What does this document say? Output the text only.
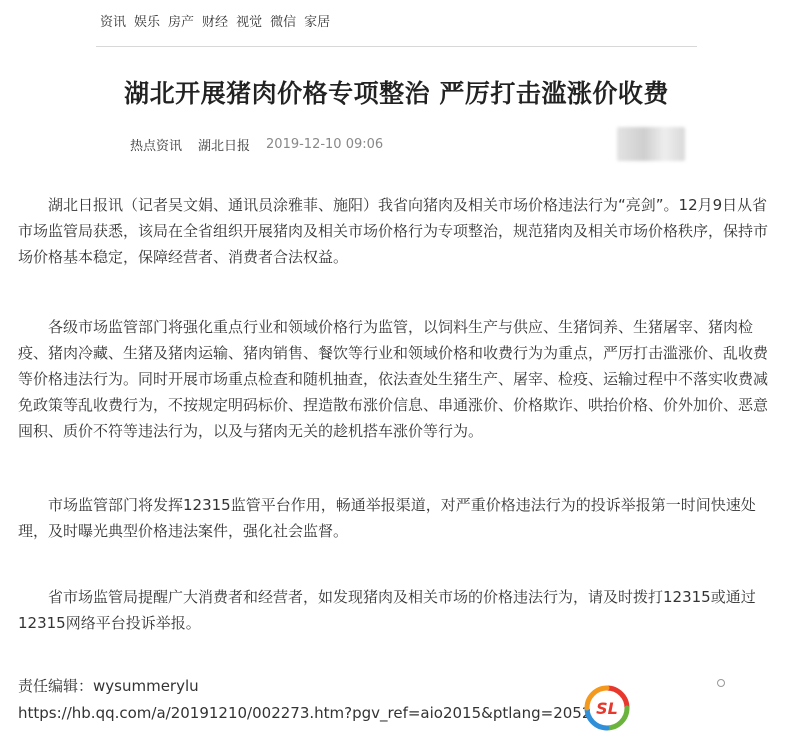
资讯 娱乐 房产 财经 视觉 微信 家居
湖北开展猪肉价格专项整治 严厉打击滥涨价收费
热点资讯 湖北日报 2019-12-10 09:06

湖北日报讯（记者吴文娟、通讯员涂雅菲、施阳）我省向猪肉及相关市场价格违法行为“亮剑”。12月9日从省市场监管局获悉，该局在全省组织开展猪肉及相关市场价格行为专项整治，规范猪肉及相关市场价格秩序，保持市场价格基本稳定，保障经营者、消费者合法权益。

各级市场监管部门将强化重点行业和领域价格行为监管，以饲料生产与供应、生猪饲养、生猪屠宰、猪肉检疫、猪肉冷藏、生猪及猪肉运输、猪肉销售、餐饮等行业和领域价格和收费行为为重点，严厉打击滥涨价、乱收费等价格违法行为。同时开展市场重点检查和随机抽查，依法查处生猪生产、屠宰、检疫、运输过程中不落实收费减免政策等乱收费行为，不按规定明码标价、捏造散布涨价信息、串通涨价、价格欺诈、哄抬价格、价外加价、恶意囤积、质价不符等违法行为，以及与猪肉无关的趁机搭车涨价等行为。

市场监管部门将发挥12315监管平台作用，畅通举报渠道，对严重价格违法行为的投诉举报第一时间快速处理，及时曝光典型价格违法案件，强化社会监督。

省市场监管局提醒广大消费者和经营者，如发现猪肉及相关市场的价格违法行为，请及时拨打12315或通过12315网络平台投诉举报。

责任编辑：wysummerylu
https://hb.qq.com/a/20191210/002273.htm?pgv_ref=aio2015&ptlang=2052 SL
